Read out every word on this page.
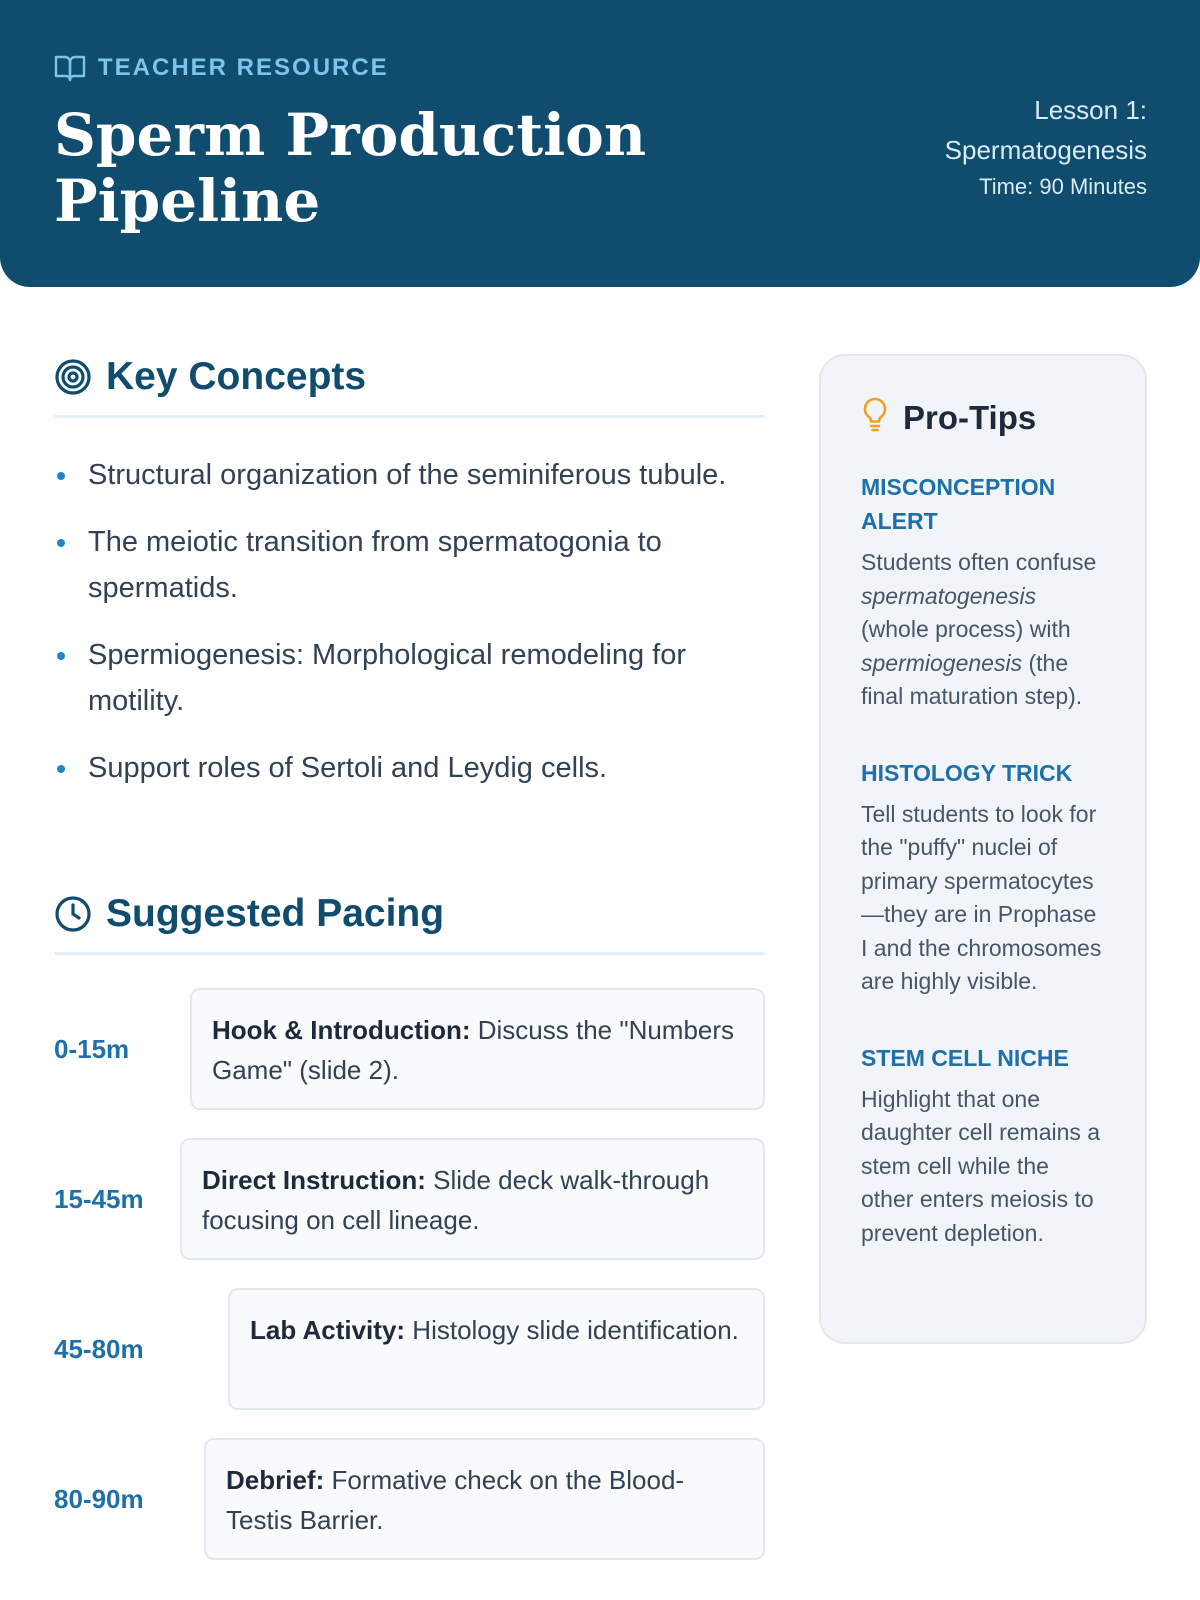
TEACHER RESOURCE
Sperm Production
Pipeline
Lesson 1: Spermatogenesis
Time: 90 Minutes
Key Concepts
Structural organization of the seminiferous tubule.
The meiotic transition from spermatogonia to spermatids.
Spermiogenesis: Morphological remodeling for motility.
Support roles of Sertoli and Leydig cells.
Suggested Pacing
0-15m
Hook & Introduction: Discuss the "Numbers Game" (slide 2).
15-45m
Direct Instruction: Slide deck walk-through focusing on cell lineage.
45-80m
Lab Activity: Histology slide identification.
80-90m
Debrief: Formative check on the Blood-Testis Barrier.
Pro-Tips
MISCONCEPTION ALERT
Students often confuse spermatogenesis (whole process) with spermiogenesis (the final maturation step).
HISTOLOGY TRICK
Tell students to look for the "puffy" nuclei of primary spermatocytes—they are in Prophase I and the chromosomes are highly visible.
STEM CELL NICHE
Highlight that one daughter cell remains a stem cell while the other enters meiosis to prevent depletion.
